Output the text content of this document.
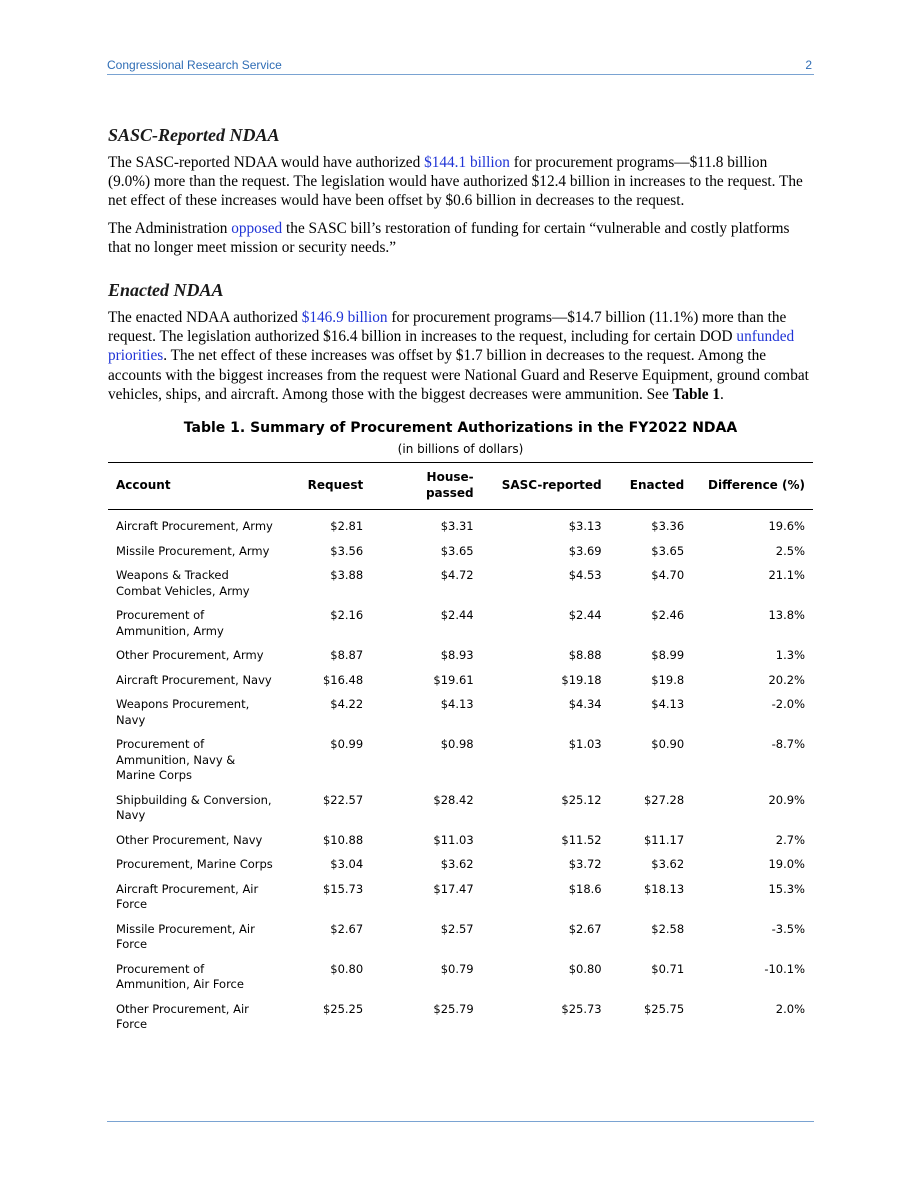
Congressional Research Service	2
SASC-Reported NDAA

The SASC-reported NDAA would have authorized $144.1 billion for procurement programs—$11.8 billion (9.0%) more than the request. The legislation would have authorized $12.4 billion in increases to the request. The net effect of these increases would have been offset by $0.6 billion in decreases to the request.

The Administration opposed the SASC bill’s restoration of funding for certain “vulnerable and costly platforms that no longer meet mission or security needs.”

Enacted NDAA

The enacted NDAA authorized $146.9 billion for procurement programs—$14.7 billion (11.1%) more than the request. The legislation authorized $16.4 billion in increases to the request, including for certain DOD unfunded priorities. The net effect of these increases was offset by $1.7 billion in decreases to the request. Among the accounts with the biggest increases from the request were National Guard and Reserve Equipment, ground combat vehicles, ships, and aircraft. Among those with the biggest decreases were ammunition. See Table 1.

Table 1. Summary of Procurement Authorizations in the FY2022 NDAA
(in billions of dollars)
Account	Request	House-passed	SASC-reported	Enacted	Difference (%)
Aircraft Procurement, Army	$2.81	$3.31	$3.13	$3.36	19.6%
Missile Procurement, Army	$3.56	$3.65	$3.69	$3.65	2.5%
Weapons & Tracked Combat Vehicles, Army	$3.88	$4.72	$4.53	$4.70	21.1%
Procurement of Ammunition, Army	$2.16	$2.44	$2.44	$2.46	13.8%
Other Procurement, Army	$8.87	$8.93	$8.88	$8.99	1.3%
Aircraft Procurement, Navy	$16.48	$19.61	$19.18	$19.8	20.2%
Weapons Procurement, Navy	$4.22	$4.13	$4.34	$4.13	-2.0%
Procurement of Ammunition, Navy & Marine Corps	$0.99	$0.98	$1.03	$0.90	-8.7%
Shipbuilding & Conversion, Navy	$22.57	$28.42	$25.12	$27.28	20.9%
Other Procurement, Navy	$10.88	$11.03	$11.52	$11.17	2.7%
Procurement, Marine Corps	$3.04	$3.62	$3.72	$3.62	19.0%
Aircraft Procurement, Air Force	$15.73	$17.47	$18.6	$18.13	15.3%
Missile Procurement, Air Force	$2.67	$2.57	$2.67	$2.58	-3.5%
Procurement of Ammunition, Air Force	$0.80	$0.79	$0.80	$0.71	-10.1%
Other Procurement, Air Force	$25.25	$25.79	$25.73	$25.75	2.0%
